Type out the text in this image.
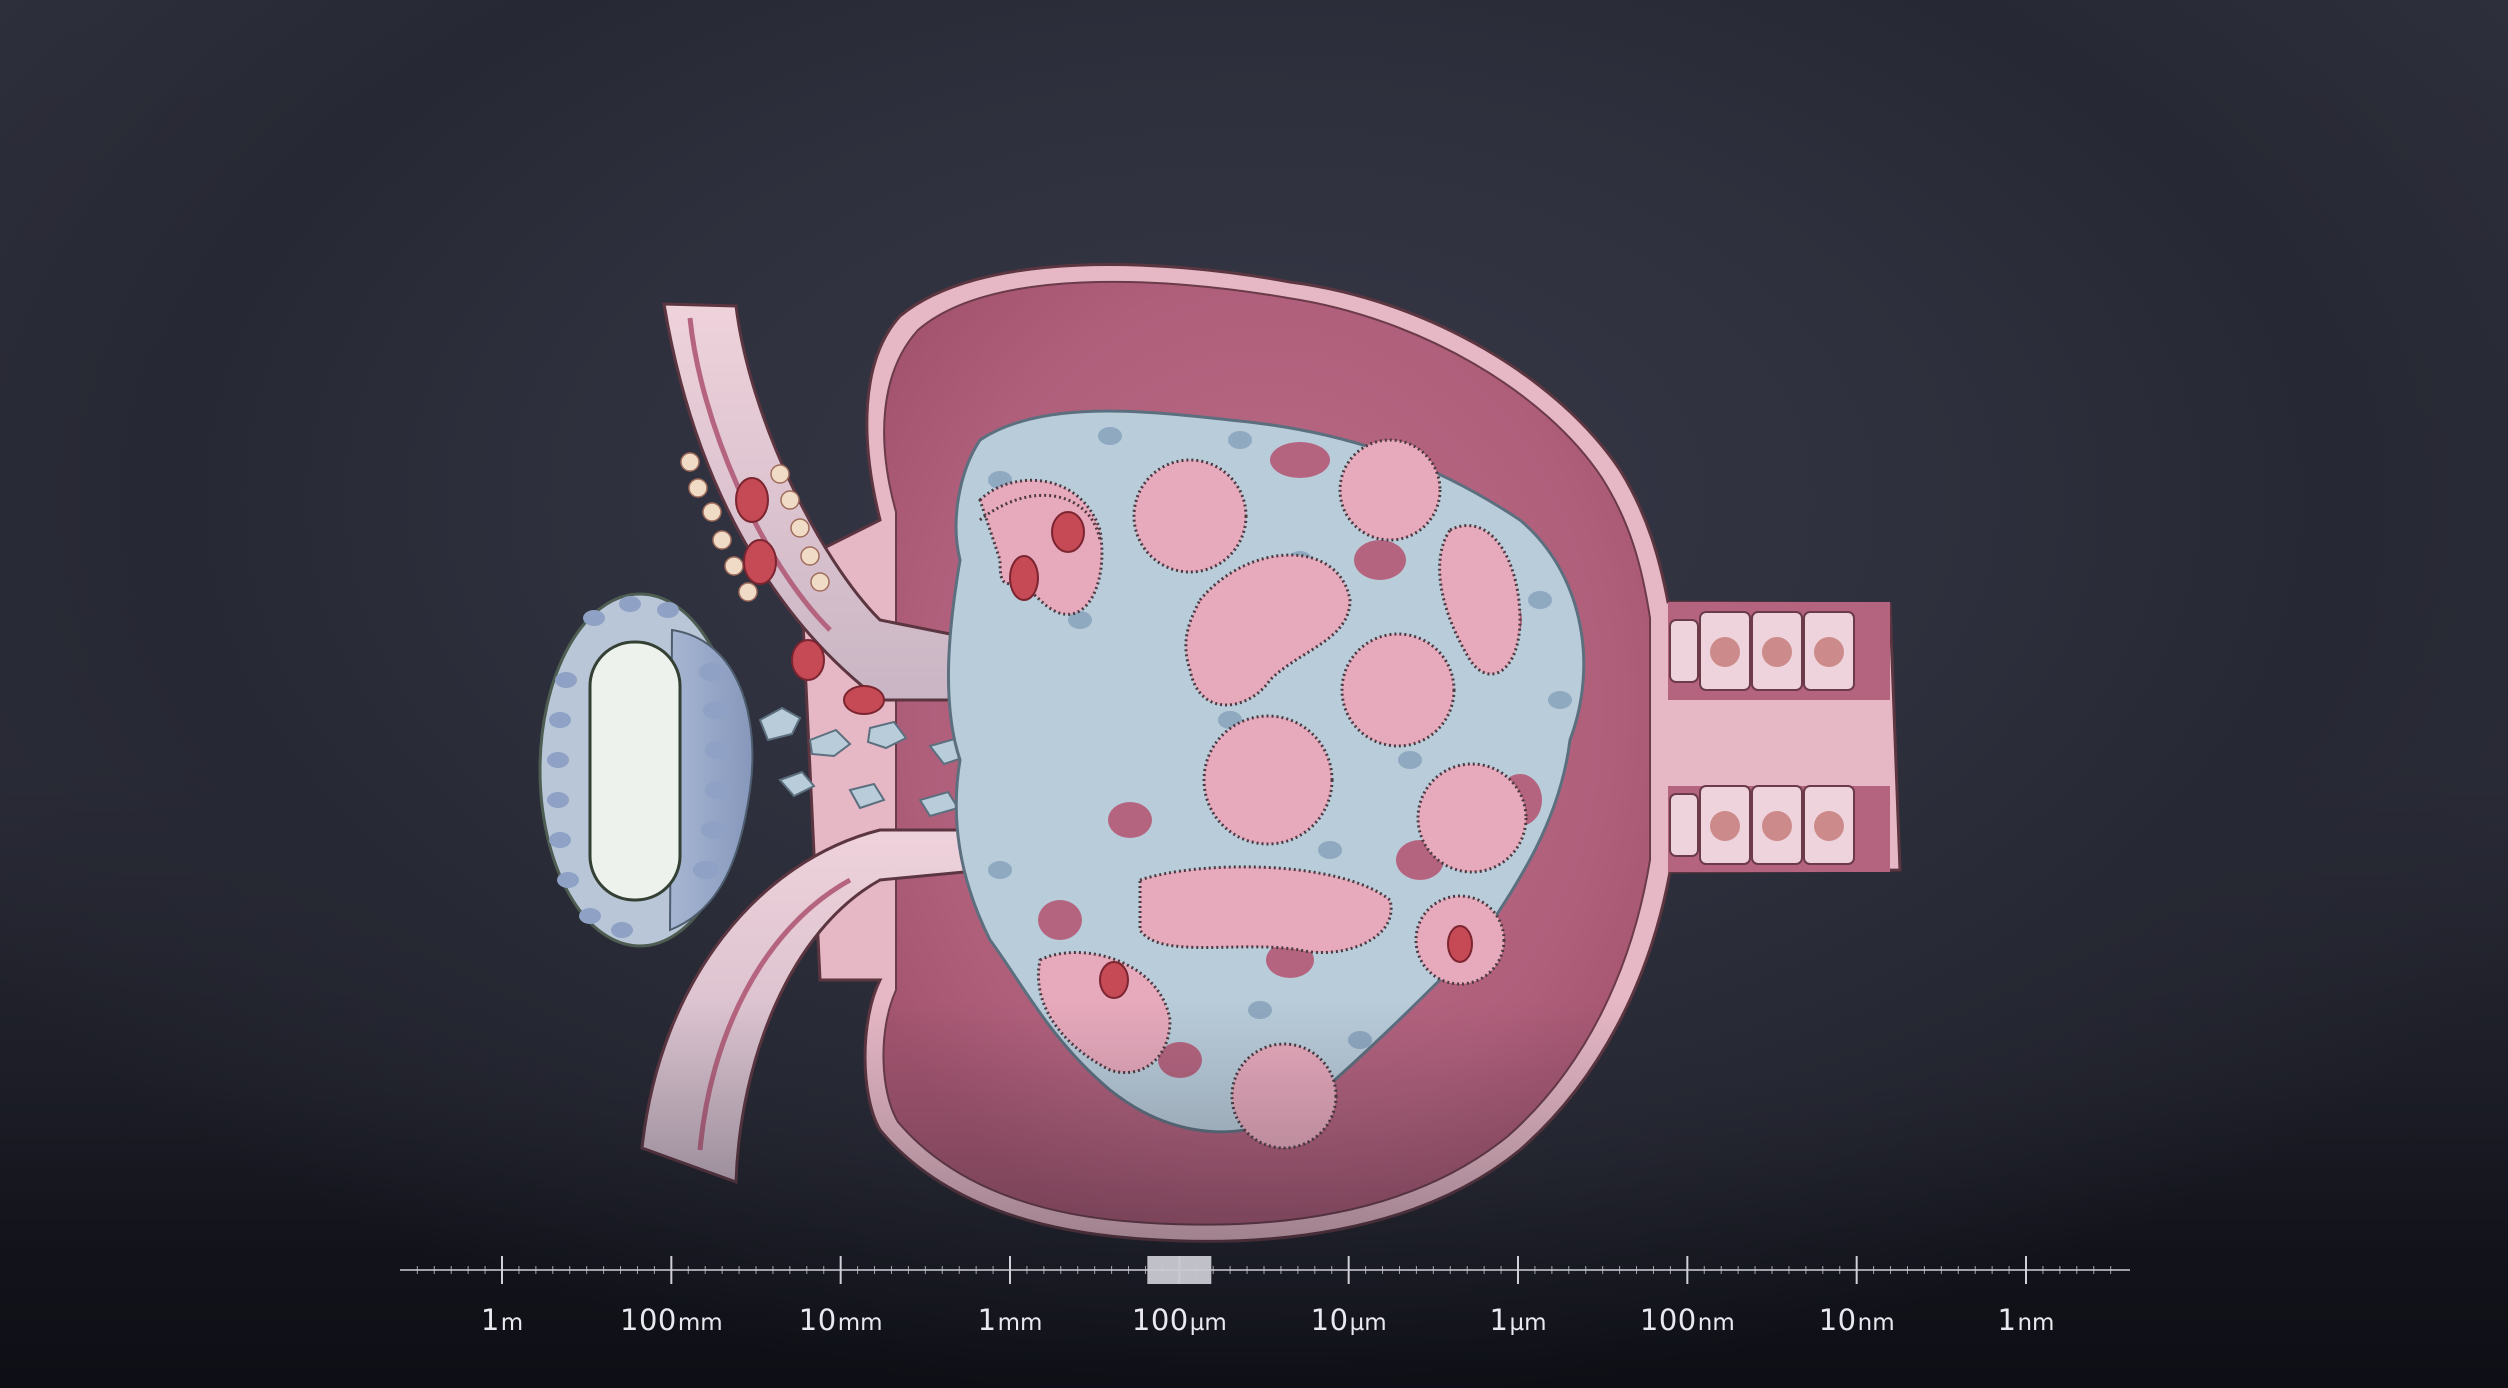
1m	100mm	10mm	1mm	100µm	10µm	1µm	100nm	10nm	1nm
